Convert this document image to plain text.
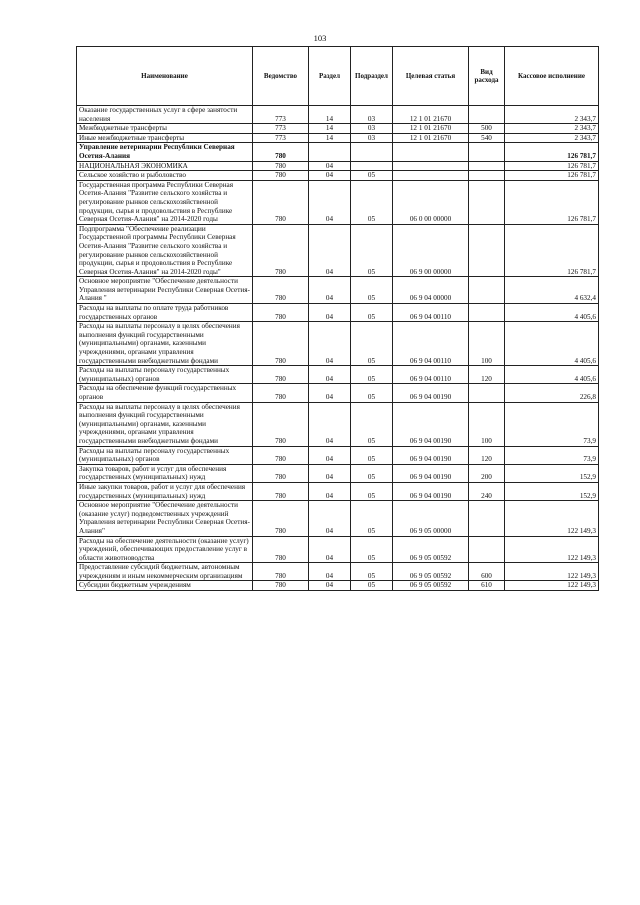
103
Наименование	Ведомство	Раздел	Подраздел	Целевая статья	Вид расхода	Кассовое исполнение
Оказание государственных услуг в сфере занятости населения	773	14	03	12 1 01 21670		2 343,7
Межбюджетные трансферты	773	14	03	12 1 01 21670	500	2 343,7
Иные межбюджетные трансферты	773	14	03	12 1 01 21670	540	2 343,7
Управление ветеринарии Республики Северная Осетия-Алания	780					126 781,7
НАЦИОНАЛЬНАЯ ЭКОНОМИКА	780	04				126 781,7
Сельское хозяйство и рыболовство	780	04	05			126 781,7
Государственная программа Республики Северная Осетия-Алания "Развитие сельского хозяйства и регулирование рынков сельскохозяйственной продукции, сырья и продовольствия в Республике Северная Осетия-Алания" на 2014-2020 годы	780	04	05	06 0 00 00000		126 781,7
Подпрограмма "Обеспечение реализации Государственной программы Республики Северная Осетия-Алания "Развитие сельского хозяйства и регулирование рынков сельскохозяйственной продукции, сырья и продовольствия в Республике Северная Осетия-Алания" на 2014-2020 годы"	780	04	05	06 9 00 00000		126 781,7
Основное мероприятие "Обеспечение деятельности Управления ветеринарии Республики Северная Осетия-Алания "	780	04	05	06 9 04 00000		4 632,4
Расходы на выплаты по оплате труда работников государственных органов	780	04	05	06 9 04 00110		4 405,6
Расходы на выплаты персоналу в целях обеспечения выполнения функций государственными (муниципальными) органами, казенными учреждениями, органами управления государственными внебюджетными фондами	780	04	05	06 9 04 00110	100	4 405,6
Расходы на выплаты персоналу государственных (муниципальных) органов	780	04	05	06 9 04 00110	120	4 405,6
Расходы на обеспечение функций государственных органов	780	04	05	06 9 04 00190		226,8
Расходы на выплаты персоналу в целях обеспечения выполнения функций государственными (муниципальными) органами, казенными учреждениями, органами управления государственными внебюджетными фондами	780	04	05	06 9 04 00190	100	73,9
Расходы на выплаты персоналу государственных (муниципальных) органов	780	04	05	06 9 04 00190	120	73,9
Закупка товаров, работ и услуг для обеспечения государственных (муниципальных) нужд	780	04	05	06 9 04 00190	200	152,9
Иные закупки товаров, работ и услуг для обеспечения государственных (муниципальных) нужд	780	04	05	06 9 04 00190	240	152,9
Основное мероприятие "Обеспечение деятельности (оказание услуг) подведомственных учреждений Управления ветеринарии Республики Северная Осетия-Алания"	780	04	05	06 9 05 00000		122 149,3
Расходы на обеспечение деятельности (оказание услуг) учреждений, обеспечивающих предоставление услуг в области животноводства	780	04	05	06 9 05 00592		122 149,3
Предоставление субсидий бюджетным, автономным учреждениям и иным некоммерческим организациям	780	04	05	06 9 05 00592	600	122 149,3
Субсидии бюджетным учреждениям	780	04	05	06 9 05 00592	610	122 149,3
